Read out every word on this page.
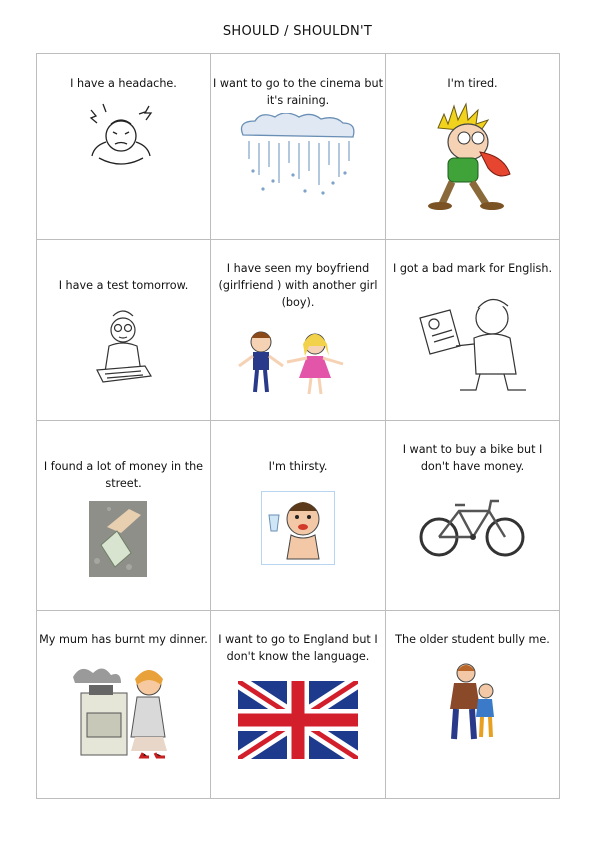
SHOULD / SHOULDN'T
I have a headache.	I want to go to the cinema but it's raining.
I'm tired.
I have a test tomorrow.
I have seen my boyfriend (girlfriend ) with another girl (boy).
I got a bad mark for English.
I found a lot of money in the street.
I'm thirsty.
I want to buy a bike but I don't have money.
My mum has burnt my dinner. I want to go to England but I don't know the language.
The older student bully me.
